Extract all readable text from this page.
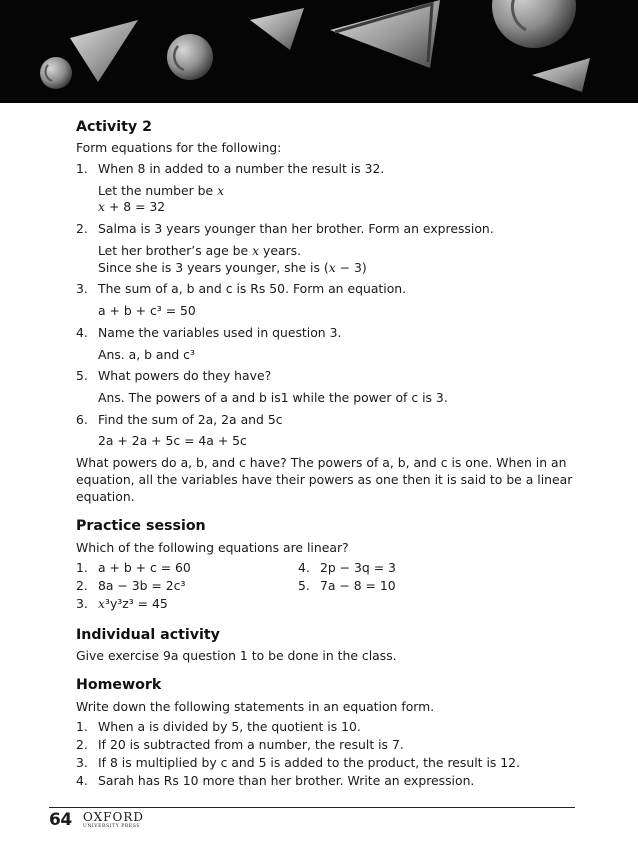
Activity 2

Form equations for the following:

1. When 8 in added to a number the result is 32.

Let the number be x

x + 8 = 32

2. Salma is 3 years younger than her brother. Form an expression.

Let her brother’s age be x years.

Since she is 3 years younger, she is (x − 3)

3. The sum of a, b and c is Rs 50. Form an equation.

a + b + c³ = 50

4. Name the variables used in question 3.

Ans. a, b and c³

5. What powers do they have?

Ans. The powers of a and b is1 while the power of c is 3.

6. Find the sum of 2a, 2a and 5c

2a + 2a + 5c = 4a + 5c

What powers do a, b, and c have? The powers of a, b, and c is one. When in an equation, all the variables have their powers as one then it is said to be a linear equation.

Practice session

Which of the following equations are linear?

1.	a + b + c = 60	4.	2p − 3q = 3
2.	8a − 3b = 2c³	5.	7a − 8 = 10
3.	x³y³z³ = 45		
Individual activity

Give exercise 9a question 1 to be done in the class.

Homework

Write down the following statements in an equation form.

1. When a is divided by 5, the quotient is 10.
2. If 20 is subtracted from a number, the result is 7.
3. If 8 is multiplied by c and 5 is added to the product, the result is 12.
4. Sarah has Rs 10 more than her brother. Write an expression.
64 OXFORD
UNIVERSITY PRESS
